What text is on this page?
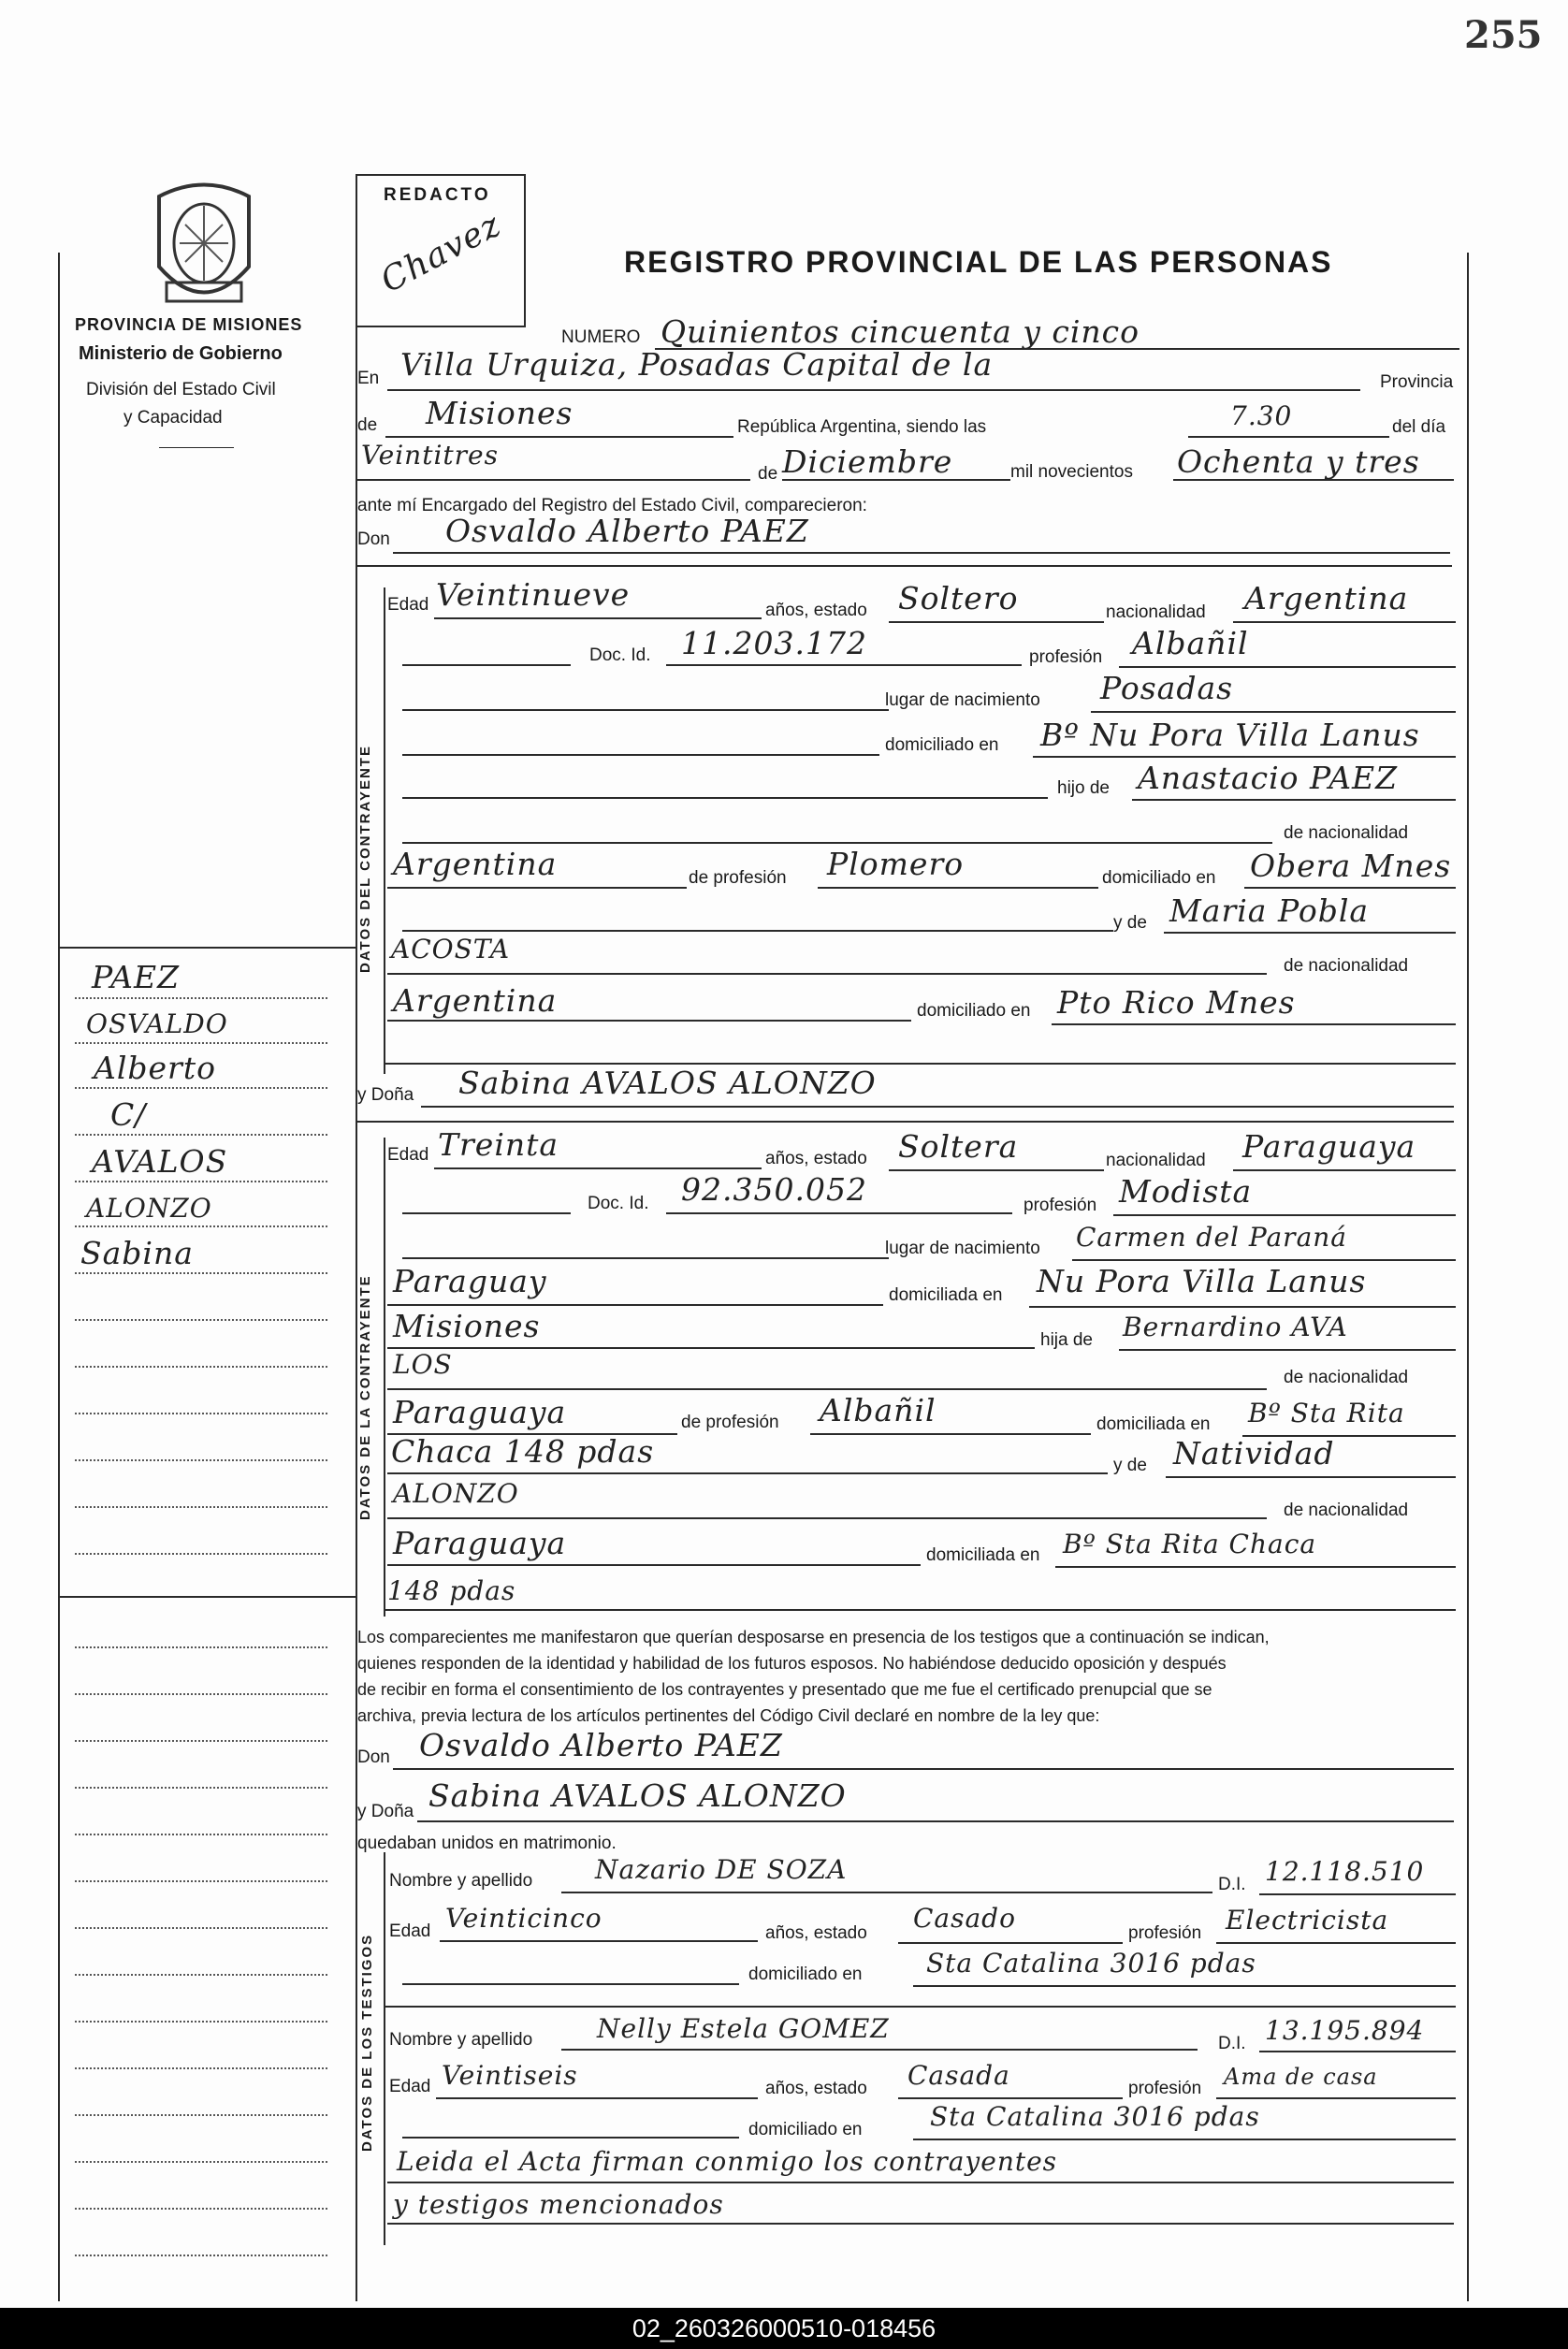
255
PROVINCIA DE MISIONES
Ministerio de Gobierno
División del Estado Civil
y Capacidad
PAEZ
OSVALDO
Alberto
C/
AVALOS
ALONZO
Sabina
REDACTO
Chavez	REGISTRO PROVINCIAL DE LAS PERSONAS
NUMERO Quinientos cincuenta y cinco
En Villa Urquiza, Posadas Capital de la	Provincia
de Misiones	República Argentina, siendo las	7.30	del día
Veintitres
de Diciembre	mil novecientos Ochenta y tres
ante mí Encargado del Registro del Estado Civil, comparecieron:
Don Osvaldo Alberto PAEZ
DATOS DEL CONTRAYENTE
Edad Veintinueve	años, estado Soltero	nacionalidad Argentina
Doc. Id. 11.203.172	profesión Albañil
lugar de nacimiento Posadas
domiciliado en Bº Nu Pora Villa Lanus
hijo de Anastacio PAEZ
de nacionalidad
Argentina	de profesión Plomero	domiciliado en Obera Mnes
y de Maria Pobla
ACOSTA
de nacionalidad
Argentina	domiciliado en Pto Rico Mnes
y Doña Sabina AVALOS ALONZO
DATOS DE LA CONTRAYENTE
Edad Treinta	años, estado Soltera	nacionalidad Paraguaya
Doc. Id. 92.350.052	profesión Modista
lugar de nacimiento Carmen del Paraná
Paraguay	domiciliada en Nu Pora Villa Lanus
Misiones	hija de Bernardino AVA
LOS	de nacionalidad
Paraguaya	de profesión Albañil	domiciliada en Bº Sta Rita
Chaca 148 pdas	y de Natividad
ALONZO
de nacionalidad
Paraguaya	domiciliada en Bº Sta Rita Chaca
148 pdas
Los comparecientes me manifestaron que querían desposarse en presencia de los testigos que a continuación se indican,
quienes responden de la identidad y habilidad de los futuros esposos. No habiéndose deducido oposición y después
de recibir en forma el consentimiento de los contrayentes y presentado que me fue el certificado prenupcial que se
archiva, previa lectura de los artículos pertinentes del Código Civil declaré en nombre de la ley que:
Don Osvaldo Alberto PAEZ
y Doña Sabina AVALOS ALONZO
quedaban unidos en matrimonio.
DATOS DE LOS TESTIGOS
Nombre y apellido Nazario DE SOZA	D.I. 12.118.510
Edad Veinticinco	años, estado Casado	profesión Electricista
domiciliado en Sta Catalina 3016 pdas
Nombre y apellido Nelly Estela GOMEZ	D.I. 13.195.894
Edad Veintiseis	años, estado Casada	profesión Ama de casa
domiciliado en	Sta Catalina 3016 pdas
Leida el Acta firman conmigo los contrayentes
y testigos mencionados
02_260326000510-018456
